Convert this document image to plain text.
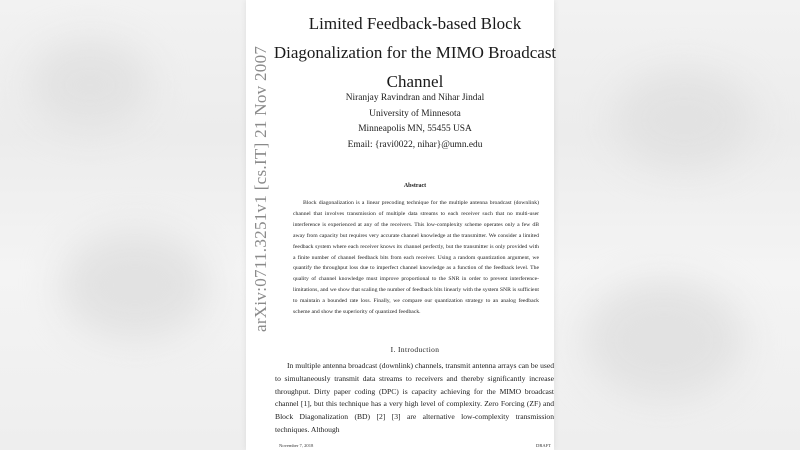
arXiv:0711.3251v1 [cs.IT] 21 Nov 2007
Limited Feedback-based Block Diagonalization for the MIMO Broadcast Channel
Niranjay Ravindran and Nihar Jindal
University of Minnesota
Minneapolis MN, 55455 USA
Email: {ravi0022, nihar}@umn.edu
Abstract
Block diagonalization is a linear precoding technique for the multiple antenna broadcast (downlink) channel that involves transmission of multiple data streams to each receiver such that no multi-user interference is experienced at any of the receivers. This low-complexity scheme operates only a few dB away from capacity but requires very accurate channel knowledge at the transmitter. We consider a limited feedback system where each receiver knows its channel perfectly, but the transmitter is only provided with a finite number of channel feedback bits from each receiver. Using a random quantization argument, we quantify the throughput loss due to imperfect channel knowledge as a function of the feedback level. The quality of channel knowledge must improve proportional to the SNR in order to prevent interference-limitations, and we show that scaling the number of feedback bits linearly with the system SNR is sufficient to maintain a bounded rate loss. Finally, we compare our quantization strategy to an analog feedback scheme and show the superiority of quantized feedback.
I. Introduction
In multiple antenna broadcast (downlink) channels, transmit antenna arrays can be used to simultaneously transmit data streams to receivers and thereby significantly increase throughput. Dirty paper coding (DPC) is capacity achieving for the MIMO broadcast channel [1], but this technique has a very high level of complexity. Zero Forcing (ZF) and Block Diagonalization (BD) [2] [3] are alternative low-complexity transmission techniques. Although
November 7, 2018	DRAFT
